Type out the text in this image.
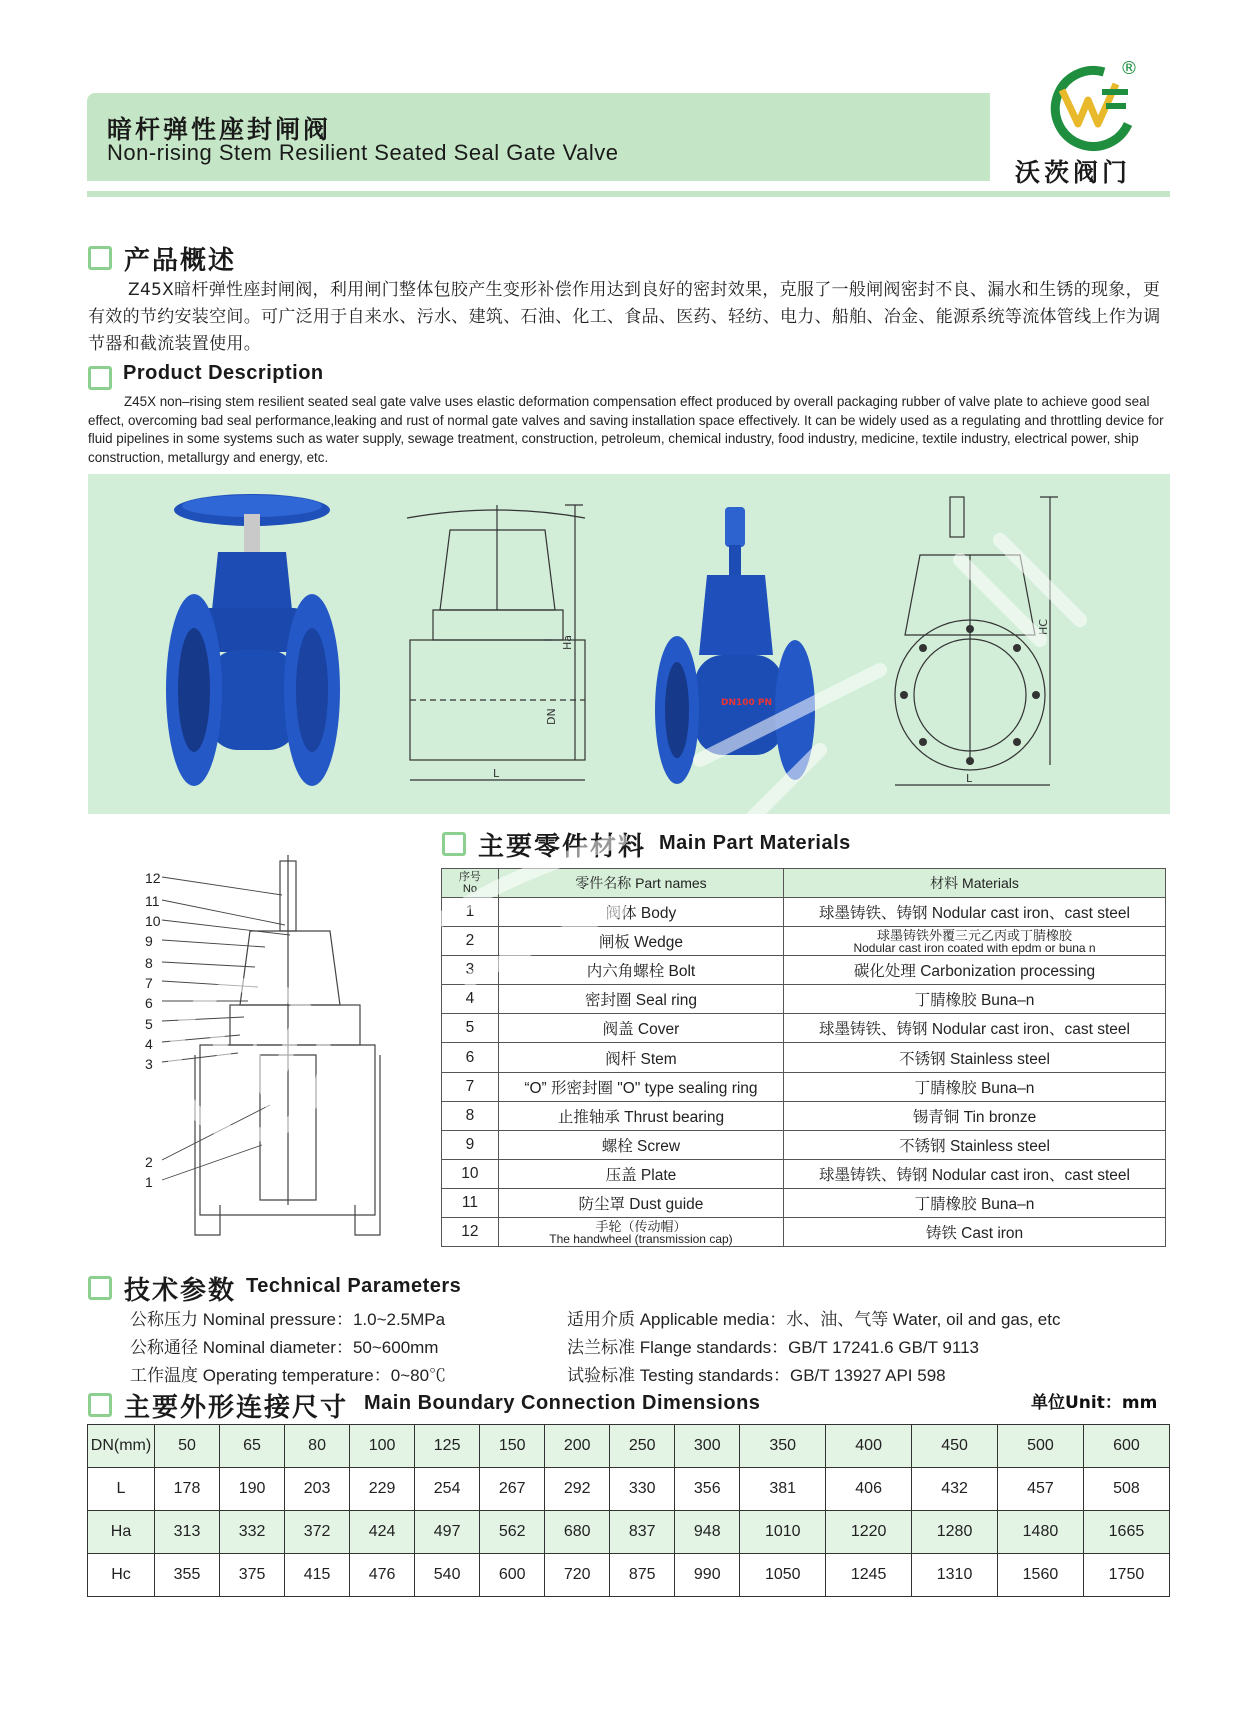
暗杆弹性座封闸阀
Non-rising Stem Resilient Seated Seal Gate Valve
®
沃茨阀门
产品概述
Z45X暗杆弹性座封闸阀，利用闸门整体包胶产生变形补偿作用达到良好的密封效果，克服了一般闸阀密封不良、漏水和生锈的现象，更有效的节约安装空间。可广泛用于自来水、污水、建筑、石油、化工、食品、医药、轻纺、电力、船舶、冶金、能源系统等流体管线上作为调节器和截流装置使用。
Product Description
Z45X non–rising stem resilient seated seal gate valve uses elastic deformation compensation effect produced by overall packaging rubber of valve plate to achieve good seal effect, overcoming bad seal performance,leaking and rust of normal gate valves and saving installation space effectively. It can be widely used as a regulating and throttling device for fluid pipelines in some systems such as water supply, sewage treatment, construction, petroleum, chemical industry, food industry, medicine, textile industry, electrical power, ship construction, metallurgy and energy, etc.
Ha
DN
L
DN100 PN
HC
L
主要零件材料 Main Part Materials
12
11
10
9
8
7
6
5
4
3
2
1
序号
No	零件名称 Part names	材料 Materials
1	阀体 Body	球墨铸铁、铸钢 Nodular cast iron、cast steel
2	闸板 Wedge	球墨铸铁外覆三元乙丙或丁腈橡胶
Nodular cast iron coated with epdm or buna n

3	内六角螺栓 Bolt	碳化处理 Carbonization processing
4	密封圈 Seal ring	丁腈橡胶 Buna–n
5	阀盖 Cover	球墨铸铁、铸钢 Nodular cast iron、cast steel
6	阀杆 Stem	不锈钢 Stainless steel
7	“O” 形密封圈 "O" type sealing ring	丁腈橡胶 Buna–n
8	止推轴承 Thrust bearing	锡青铜 Tin bronze
9	螺栓 Screw	不锈钢 Stainless steel
10	压盖 Plate	球墨铸铁、铸钢 Nodular cast iron、cast steel
11	防尘罩 Dust guide	丁腈橡胶 Buna–n
12	手轮（传动帽）
The handwheel (transmission cap)	铸铁 Cast iron
技术参数 Technical Parameters
公称压力 Nominal pressure：1.0~2.5MPa
公称通径 Nominal diameter：50~600mm
工作温度 Operating temperature：0~80℃
适用介质 Applicable media：水、油、气等 Water, oil and gas, etc
法兰标准 Flange standards：GB/T 17241.6 GB/T 9113
试验标准 Testing standards：GB/T 13927 API 598
主要外形连接尺寸 Main Boundary Connection Dimensions	单位Unit：mm
DN(mm)	50	65	80	100	125	150	200	250	300	350	400	450	500	600
L	178	190	203	229	254	267	292	330	356	381	406	432	457	508
Ha	313	332	372	424	497	562	680	837	948	1010	1220	1280	1480	1665
Hc	355	375	415	476	540	600	720	875	990	1050	1245	1310	1560	1750
